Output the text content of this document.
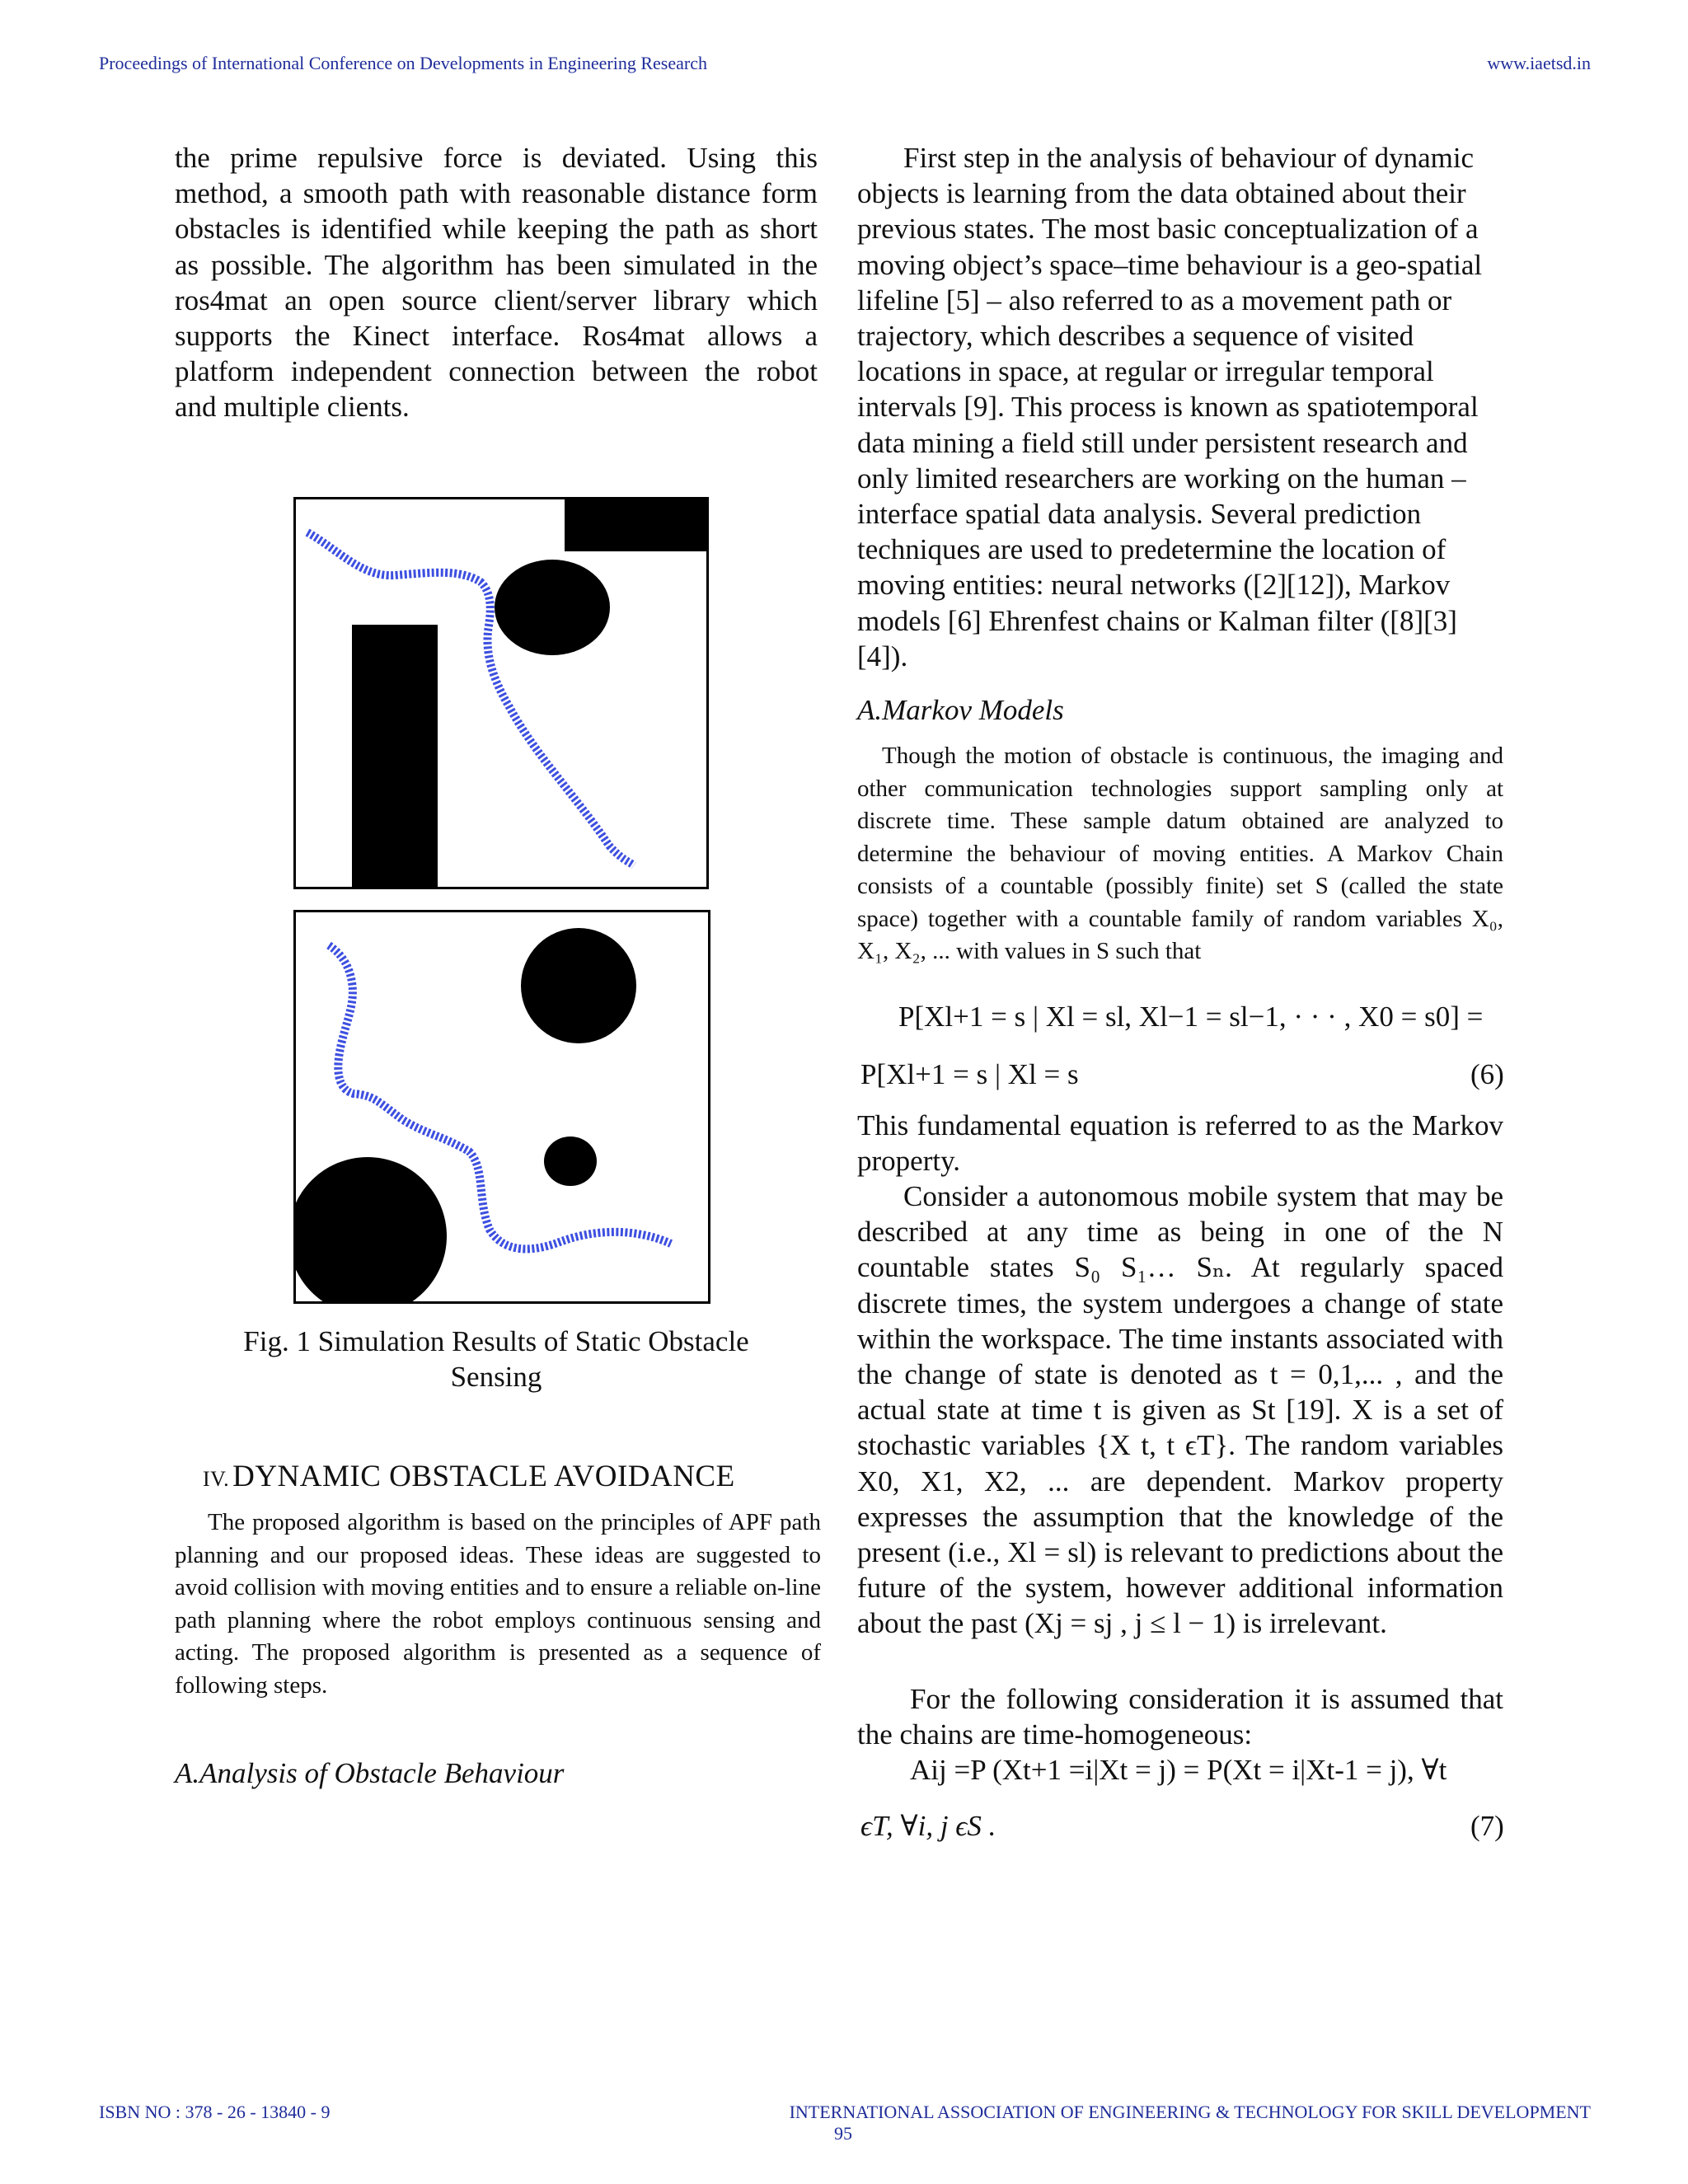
Proceedings of International Conference on Developments in Engineering Research	www.iaetsd.in

the prime repulsive force is deviated. Using this method, a smooth path with reasonable distance form obstacles is identified while keeping the path as short as possible. The algorithm has been simulated in the ros4mat an open source client/server library which supports the Kinect interface. Ros4mat allows a platform independent connection between the robot and multiple clients.

Fig. 1 Simulation Results of Static Obstacle
Sensing
IV. DYNAMIC OBSTACLE AVOIDANCE

The proposed algorithm is based on the principles of APF path planning and our proposed ideas. These ideas are suggested to avoid collision with moving entities and to ensure a reliable on-line path planning where the robot employs continuous sensing and acting. The proposed algorithm is presented as a sequence of following steps.

A.Analysis of Obstacle Behaviour

First step in the analysis of behaviour of dynamic objects is learning from the data obtained about their previous states. The most basic conceptualization of a moving object’s space–time behaviour is a geo-spatial lifeline [5] – also referred to as a movement path or trajectory, which describes a sequence of visited locations in space, at regular or irregular temporal intervals [9]. This process is known as spatiotemporal data mining a field still under persistent research and only limited researchers are working on the human – interface spatial data analysis. Several prediction techniques are used to predetermine the location of moving entities: neural networks ([2][12]), Markov models [6] Ehrenfest chains or Kalman filter ([8][3][4]).

A.Markov Models

Though the motion of obstacle is continuous, the imaging and other communication technologies support sampling only at discrete time. These sample datum obtained are analyzed to determine the behaviour of moving entities. A Markov Chain consists of a countable (possibly finite) set S (called the state space) together with a countable family of random variables X₀, X₁, X₂, ... with values in S such that

P[Xl+1 = s | Xl = sl, Xl−1 = sl−1, · · · , X0 = s0] =
P[Xl+1 = s | Xl = s	(6)

This fundamental equation is referred to as the Markov property.

Consider a autonomous mobile system that may be described at any time as being in one of the N countable states S₀ S₁… Sₙ. At regularly spaced discrete times, the system undergoes a change of state within the workspace. The time instants associated with the change of state is denoted as t = 0,1,... , and the actual state at time t is given as St [19]. X is a set of stochastic variables {X t, t ϵT}. The random variables X0, X1, X2, ... are dependent. Markov property expresses the assumption that the knowledge of the present (i.e., Xl = sl) is relevant to predictions about the future of the system, however additional information about the past (Xj = sj , j ≤ l − 1) is irrelevant.

For the following consideration it is assumed that the chains are time-homogeneous:

Aij =P (Xt+1 =i|Xt = j) = P(Xt = i|Xt-1 = j), ∀t
ϵT, ∀i, j ϵS .	(7)
ISBN NO : 378 - 26 - 13840 - 9	INTERNATIONAL ASSOCIATION OF ENGINEERING & TECHNOLOGY FOR SKILL DEVELOPMENT
95
